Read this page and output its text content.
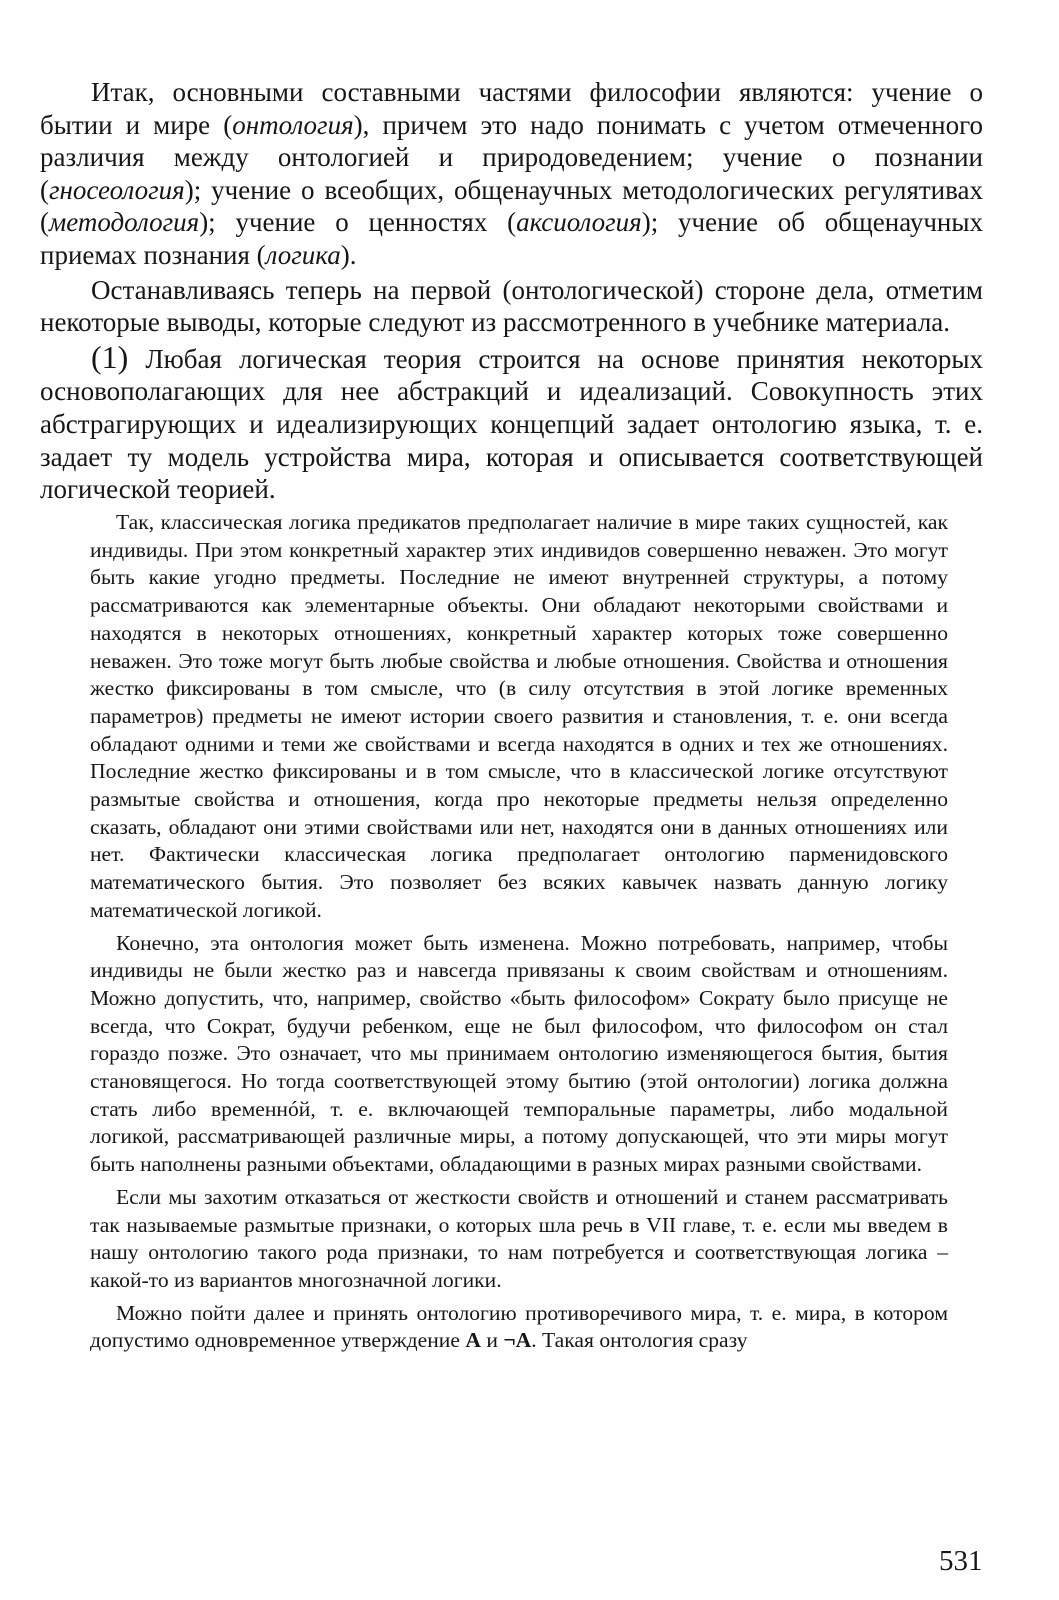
Итак, основными составными частями философии являются: учение о бытии и мире (онтология), причем это надо понимать с учетом отмеченного различия между онтологией и природоведением; учение о познании (гносеология); учение о всеобщих, общенаучных методологических регулятивах (методология); учение о ценностях (аксиология); учение об общенаучных приемах познания (логика).

Останавливаясь теперь на первой (онтологической) стороне дела, отметим некоторые выводы, которые следуют из рассмотренного в учебнике материала.

(1) Любая логическая теория строится на основе принятия некоторых основополагающих для нее абстракций и идеализаций. Совокупность этих абстрагирующих и идеализирующих концепций задает онтологию языка, т. е. задает ту модель устройства мира, которая и описывается соответствующей логической теорией.

Так, классическая логика предикатов предполагает наличие в мире таких сущностей, как индивиды. При этом конкретный характер этих индивидов совершенно неважен. Это могут быть какие угодно предметы. Последние не имеют внутренней структуры, а потому рассматриваются как элементарные объекты. Они обладают некоторыми свойствами и находятся в некоторых отношениях, конкретный характер которых тоже совершенно неважен. Это тоже могут быть любые свойства и любые отношения. Свойства и отношения жестко фиксированы в том смысле, что (в силу отсутствия в этой логике временных параметров) предметы не имеют истории своего развития и становления, т. е. они всегда обладают одними и теми же свойствами и всегда находятся в одних и тех же отношениях. Последние жестко фиксированы и в том смысле, что в классической логике отсутствуют размытые свойства и отношения, когда про некоторые предметы нельзя определенно сказать, обладают они этими свойствами или нет, находятся они в данных отношениях или нет. Фактически классическая логика предполагает онтологию парменидовского математического бытия. Это позволяет без всяких кавычек назвать данную логику математической логикой.

Конечно, эта онтология может быть изменена. Можно потребовать, например, чтобы индивиды не были жестко раз и навсегда привязаны к своим свойствам и отношениям. Можно допустить, что, например, свойство «быть философом» Сократу было присуще не всегда, что Сократ, будучи ребенком, еще не был философом, что философом он стал гораздо позже. Это означает, что мы принимаем онтологию изменяющегося бытия, бытия становящегося. Но тогда соответствующей этому бытию (этой онтологии) логика должна стать либо временнóй, т. е. включающей темпоральные параметры, либо модальной логикой, рассматривающей различные миры, а потому допускающей, что эти миры могут быть наполнены разными объектами, обладающими в разных мирах разными свойствами.

Если мы захотим отказаться от жесткости свойств и отношений и станем рассматривать так называемые размытые признаки, о которых шла речь в VII главе, т. е. если мы введем в нашу онтологию такого рода признаки, то нам потребуется и соответствующая логика – какой-то из вариантов многозначной логики.

Можно пойти далее и принять онтологию противоречивого мира, т. е. мира, в котором допустимо одновременное утверждение A и ¬A. Такая онтология сразу

531
